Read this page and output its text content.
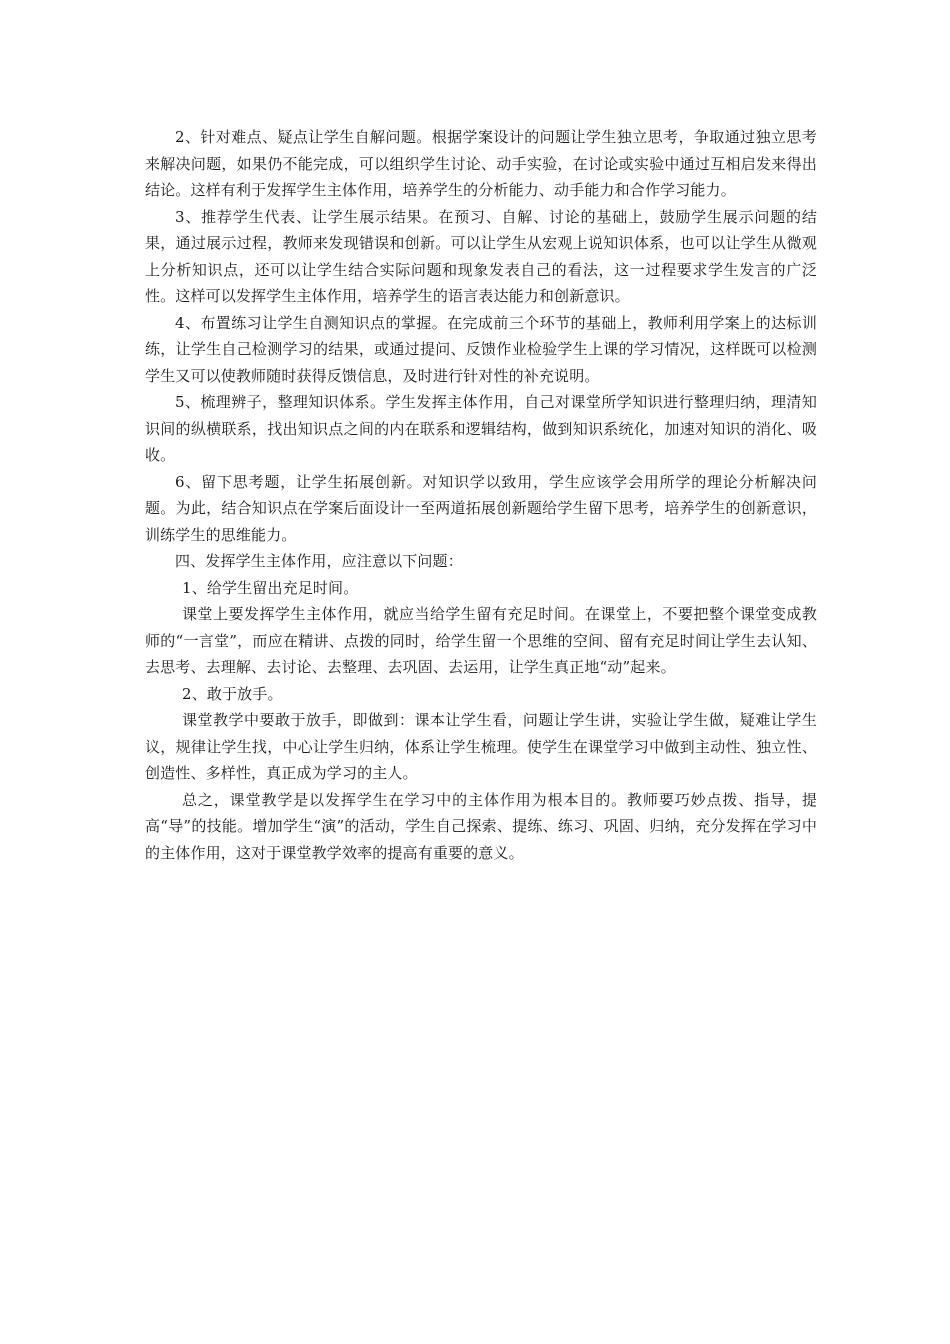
2、针对难点、疑点让学生自解问题。根据学案设计的问题让学生独立思考，争取通过独立思考来解决问题，如果仍不能完成，可以组织学生讨论、动手实验，在讨论或实验中通过互相启发来得出结论。这样有利于发挥学生主体作用，培养学生的分析能力、动手能力和合作学习能力。

3、推荐学生代表、让学生展示结果。在预习、自解、讨论的基础上，鼓励学生展示问题的结果，通过展示过程，教师来发现错误和创新。可以让学生从宏观上说知识体系，也可以让学生从微观上分析知识点，还可以让学生结合实际问题和现象发表自己的看法，这一过程要求学生发言的广泛性。这样可以发挥学生主体作用，培养学生的语言表达能力和创新意识。

4、布置练习让学生自测知识点的掌握。在完成前三个环节的基础上，教师利用学案上的达标训练，让学生自己检测学习的结果，或通过提问、反馈作业检验学生上课的学习情况，这样既可以检测学生又可以使教师随时获得反馈信息，及时进行针对性的补充说明。

5、梳理辨子，整理知识体系。学生发挥主体作用，自己对课堂所学知识进行整理归纳，理清知识间的纵横联系，找出知识点之间的内在联系和逻辑结构，做到知识系统化，加速对知识的消化、吸收。

6、留下思考题，让学生拓展创新。对知识学以致用，学生应该学会用所学的理论分析解决问题。为此，结合知识点在学案后面设计一至两道拓展创新题给学生留下思考，培养学生的创新意识，训练学生的思维能力。

四、发挥学生主体作用，应注意以下问题：

1、给学生留出充足时间。

课堂上要发挥学生主体作用，就应当给学生留有充足时间。在课堂上，不要把整个课堂变成教师的“一言堂”，而应在精讲、点拨的同时，给学生留一个思维的空间、留有充足时间让学生去认知、去思考、去理解、去讨论、去整理、去巩固、去运用，让学生真正地“动”起来。

2、敢于放手。

课堂教学中要敢于放手，即做到：课本让学生看，问题让学生讲，实验让学生做，疑难让学生议，规律让学生找，中心让学生归纳，体系让学生梳理。使学生在课堂学习中做到主动性、独立性、创造性、多样性，真正成为学习的主人。

总之，课堂教学是以发挥学生在学习中的主体作用为根本目的。教师要巧妙点拨、指导，提高“导”的技能。增加学生“演”的活动，学生自己探索、提练、练习、巩固、归纳，充分发挥在学习中的主体作用，这对于课堂教学效率的提高有重要的意义。
